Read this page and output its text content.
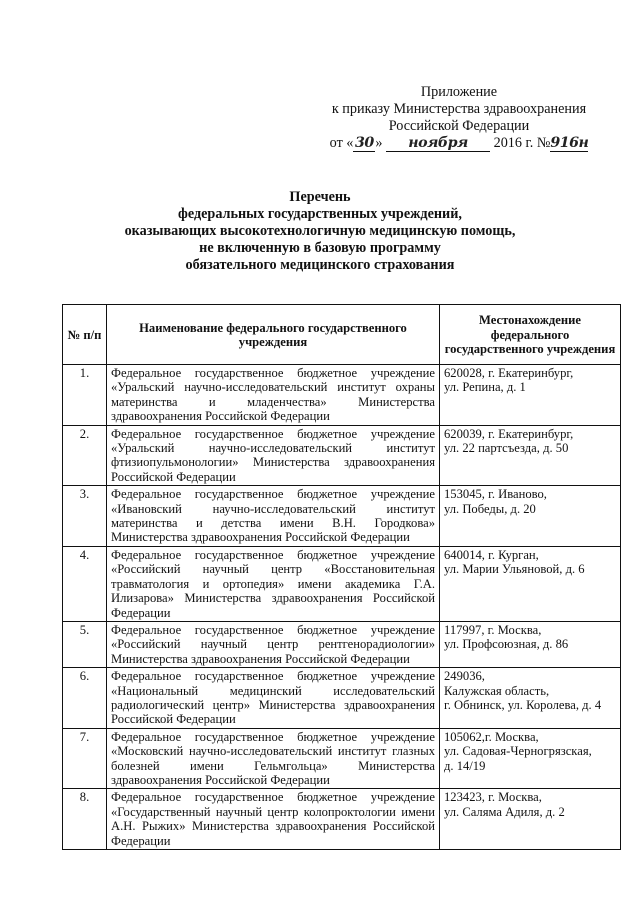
Приложение
к приказу Министерства здравоохранения
Российской Федерации
от « 30 » ноября 2016 г. №916н
Перечень
федеральных государственных учреждений,
оказывающих высокотехнологичную медицинскую помощь,
не включенную в базовую программу
обязательного медицинского страхования
№ п/п	Наименование федерального государственного учреждения	Местонахождение федерального государственного учреждения
1.	Федеральное государственное бюджетное учреждение «Уральский научно-исследовательский институт охраны материнства и младенчества» Министерства здравоохранения Российской Федерации	620028, г. Екатеринбург,
ул. Репина, д. 1

2.	Федеральное государственное бюджетное учреждение «Уральский научно-исследовательский институт фтизиопульмонологии» Министерства здравоохранения Российской Федерации	620039, г. Екатеринбург,
ул. 22 партсъезда, д. 50

3.	Федеральное государственное бюджетное учреждение «Ивановский научно-исследовательский институт материнства и детства имени В.Н. Городкова» Министерства здравоохранения Российской Федерации	153045, г. Иваново,
ул. Победы, д. 20

4.	Федеральное государственное бюджетное учреждение «Российский научный центр «Восстановительная травматология и ортопедия» имени академика Г.А. Илизарова» Министерства здравоохранения Российской Федерации	640014, г. Курган,
ул. Марии Ульяновой, д. 6

5.	Федеральное государственное бюджетное учреждение «Российский научный центр рентгенорадиологии» Министерства здравоохранения Российской Федерации	117997, г. Москва,
ул. Профсоюзная, д. 86

6.	Федеральное государственное бюджетное учреждение «Национальный медицинский исследовательский радиологический центр» Министерства здравоохранения Российской Федерации	249036,
Калужская область,
г. Обнинск, ул. Королева, д. 4

7.	Федеральное государственное бюджетное учреждение «Московский научно-исследовательский институт глазных болезней имени Гельмгольца» Министерства здравоохранения Российской Федерации	105062,г. Москва,
ул. Садовая-Черногрязская,
д. 14/19

8.	Федеральное государственное бюджетное учреждение «Государственный научный центр колопроктологии имени А.Н. Рыжих» Министерства здравоохранения Российской Федерации	123423, г. Москва,
ул. Саляма Адиля, д. 2
